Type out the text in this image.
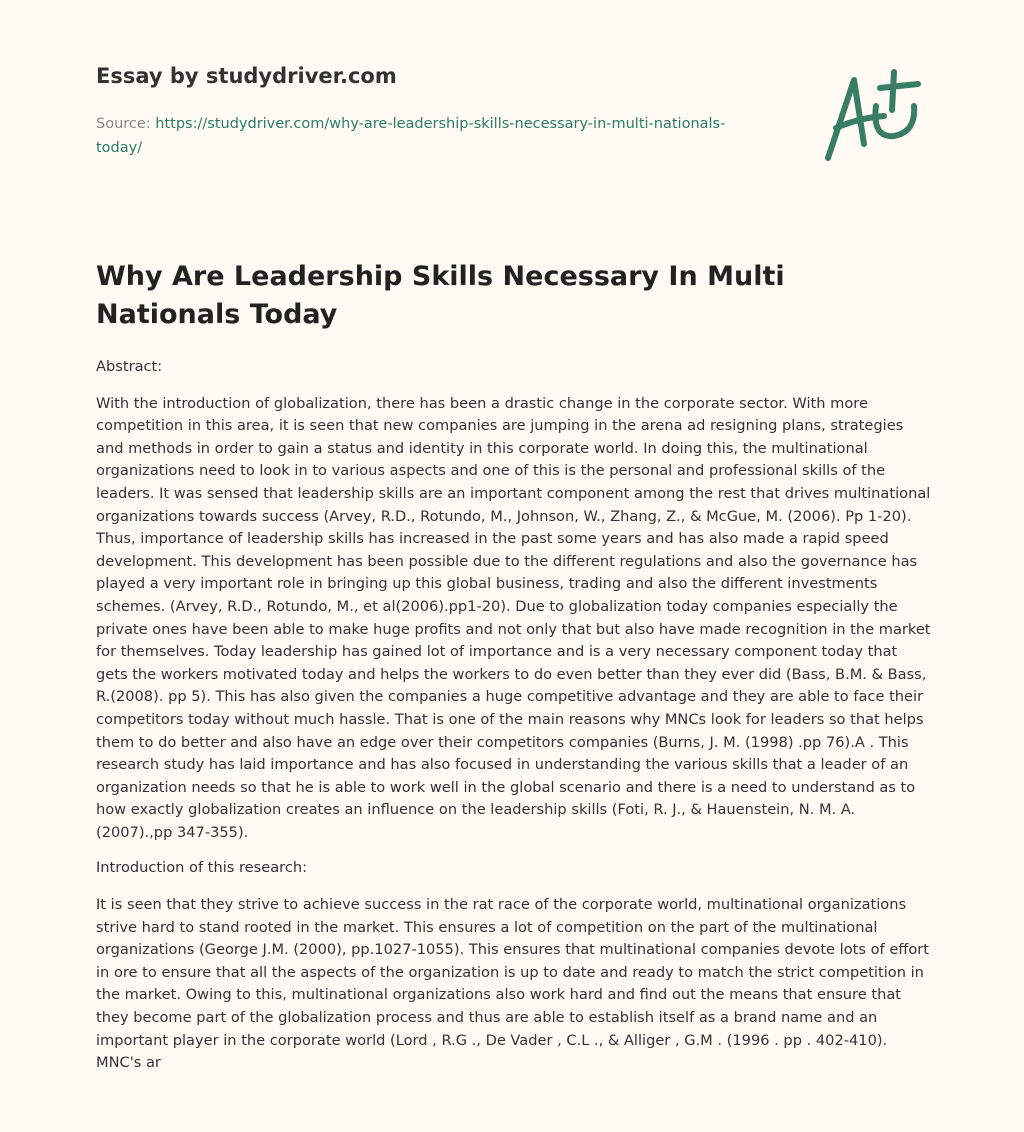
Essay by studydriver.com

Source: https://studydriver.com/why-are-leadership-skills-necessary-in-multi-nationals-today/
Why Are Leadership Skills Necessary In Multi Nationals Today

Abstract:

With the introduction of globalization, there has been a drastic change in the corporate sector. With more competition in this area, it is seen that new companies are jumping in the arena ad resigning plans, strategies and methods in order to gain a status and identity in this corporate world. In doing this, the multinational organizations need to look in to various aspects and one of this is the personal and professional skills of the leaders. It was sensed that leadership skills are an important component among the rest that drives multinational organizations towards success (Arvey, R.D., Rotundo, M., Johnson, W., Zhang, Z., & McGue, M. (2006). Pp 1-20). Thus, importance of leadership skills has increased in the past some years and has also made a rapid speed development. This development has been possible due to the different regulations and also the governance has played a very important role in bringing up this global business, trading and also the different investments schemes. (Arvey, R.D., Rotundo, M., et al(2006).pp1-20). Due to globalization today companies especially the private ones have been able to make huge profits and not only that but also have made recognition in the market for themselves. Today leadership has gained lot of importance and is a very necessary component today that gets the workers motivated today and helps the workers to do even better than they ever did (Bass, B.M. & Bass, R.(2008). pp 5). This has also given the companies a huge competitive advantage and they are able to face their competitors today without much hassle. That is one of the main reasons why MNCs look for leaders so that helps them to do better and also have an edge over their competitors companies (Burns, J. M. (1998) .pp 76).A . This research study has laid importance and has also focused in understanding the various skills that a leader of an organization needs so that he is able to work well in the global scenario and there is a need to understand as to how exactly globalization creates an influence on the leadership skills (Foti, R. J., & Hauenstein, N. M. A. (2007).,pp 347-355).

Introduction of this research:

It is seen that they strive to achieve success in the rat race of the corporate world, multinational organizations strive hard to stand rooted in the market. This ensures a lot of competition on the part of the multinational organizations (George J.M. (2000), pp.1027-1055). This ensures that multinational companies devote lots of effort in ore to ensure that all the aspects of the organization is up to date and ready to match the strict competition in the market. Owing to this, multinational organizations also work hard and find out the means that ensure that they become part of the globalization process and thus are able to establish itself as a brand name and an important player in the corporate world (Lord , R.G ., De Vader , C.L ., & Alliger , G.M . (1996 . pp . 402-410). MNC's ar
